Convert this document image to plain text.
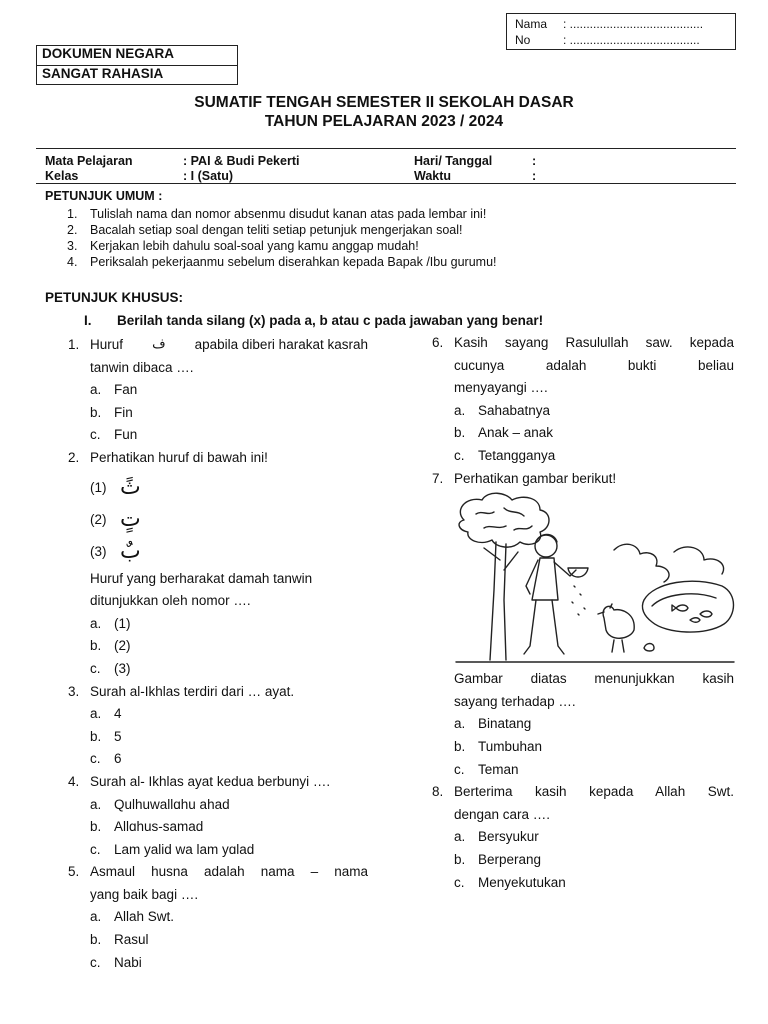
Nama	: ........................................
No	: .......................................
DOKUMEN NEGARA
SANGAT RAHASIA
SUMATIF TENGAH SEMESTER II SEKOLAH DASAR
TAHUN PELAJARAN 2023 / 2024
Mata Pelajaran	: PAI & Budi Pekerti	Hari/ Tanggal	:
Kelas	: I (Satu)	Waktu	:
PETUNJUK UMUM :
1.	Tulislah nama dan nomor absenmu disudut kanan atas pada lembar ini!
2.	Bacalah setiap soal dengan teliti setiap petunjuk mengerjakan soal!
3.	Kerjakan lebih dahulu soal-soal yang kamu anggap mudah!
4.	Periksalah pekerjaanmu sebelum diserahkan kepada Bapak /Ibu gurumu!
PETUNJUK KHUSUS:
I.	Berilah tanda silang (x) pada a, b atau c pada jawaban yang benar!
1. Huruf ف apabila diberi harakat kasrah
tanwin dibaca ….
a. Fan
b. Fin
c. Fun
2. Perhatikan huruf di bawah ini!
(1) ثً
(2) تٍ
(3) بٌ
Huruf yang berharakat damah tanwin
ditunjukkan oleh nomor ….
a. (1)
b. (2)
c. (3)
3. Surah al-Ikhlas terdiri dari … ayat.
a. 4
b. 5
c. 6
4. Surah al- Ikhlas ayat kedua berbunyi ….
a. Qulhuwallɑhu ahad
b. Allɑhus-samad
c. Lam yalid wa lam yɑlad
5. Asmaul husna adalah nama – nama
yang baik bagi ….
a. Allah Swt.
b. Rasul
c. Nabi
6. Kasih sayang Rasulullah saw. kepada
cucunya adalah bukti beliau
menyayangi ….
a. Sahabatnya
b. Anak – anak
c. Tetangganya
7. Perhatikan gambar berikut!
Gambar diatas menunjukkan kasih
sayang terhadap ….
a. Binatang
b. Tumbuhan
c. Teman
8. Berterima kasih kepada Allah Swt.
dengan cara ….
a. Bersyukur
b. Berperang
c. Menyekutukan
